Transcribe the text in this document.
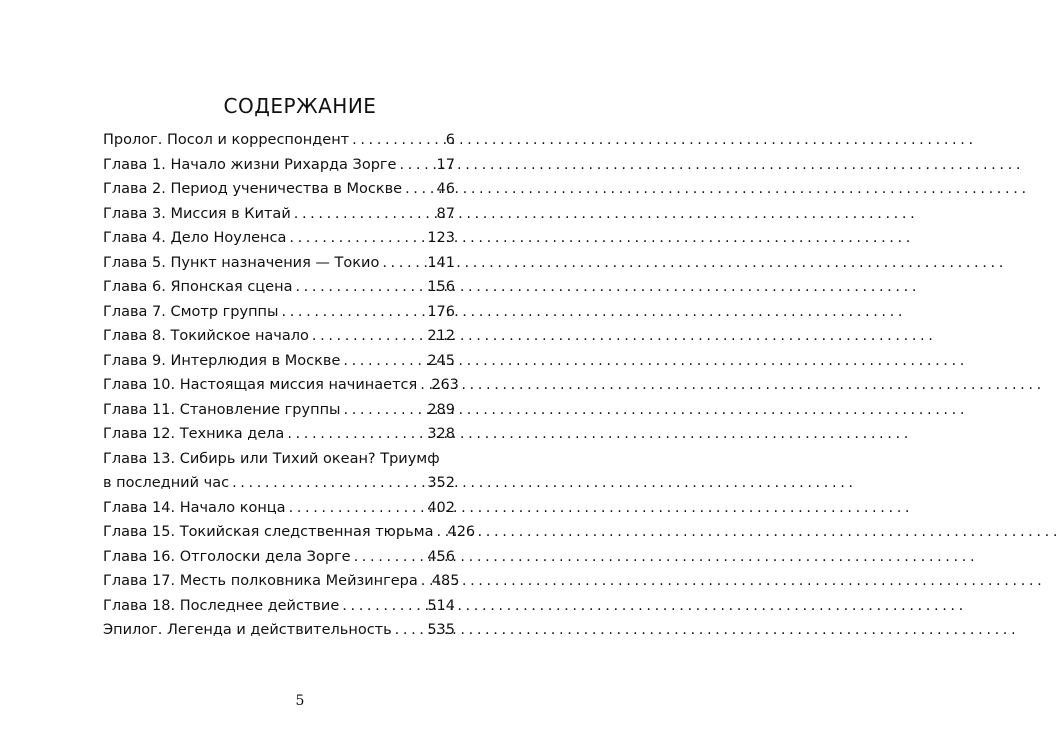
СОДЕРЖАНИЕ
Пролог. Посол и корреспондент . . .	6
Глава 1. Начало жизни Рихарда Зорге . . .	17
Глава 2. Период ученичества в Москве . . . 46
Глава 3. Миссия в Китай . . .	87
Глава 4. Дело Ноуленса . . .	123
Глава 5. Пункт назначения — Токио . . .	141
Глава 6. Японская сцена . . .	156
Глава 7. Смотр группы . . .	176
Глава 8. Токийское начало . . .	212
Глава 9. Интерлюдия в Москве . . .	245
Глава 10. Настоящая миссия начинается . . . 263
Глава 11. Становление группы . . .	289
Глава 12. Техника дела . . .	328
Глава 13. Сибирь или Тихий океан? Триумф
в последний час . . .	352
Глава 14. Начало конца . . .	402
Глава 15. Токийская следственная тюрьма . . . 426
Глава 16. Отголоски дела Зорге . . .	456
Глава 17. Месть полковника Мейзингера . . . 485
Глава 18. Последнее действие . . .	514
Эпилог. Легенда и действительность . . . 535
5
